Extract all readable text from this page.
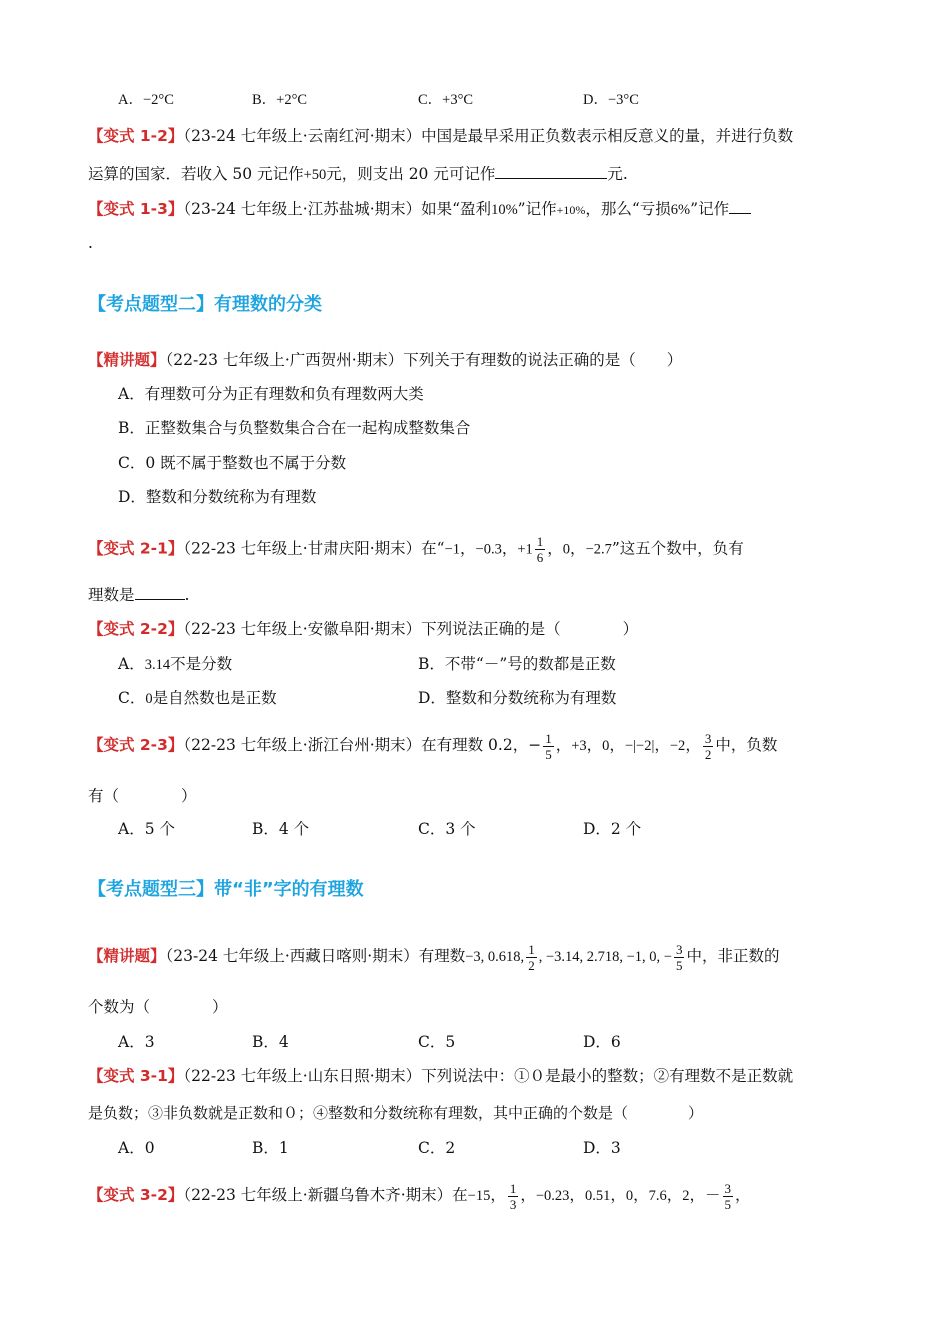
A．−2°C	B．+2°C	C．+3°C	D．−3°C
【变式 1-2】（23-24 七年级上·云南红河·期末）中国是最早采用正负数表示相反意义的量，并进行负数
运算的国家．若收入 50 元记作+50元，则支出 20 元可记作	元.
【变式 1-3】（23-24 七年级上·江苏盐城·期末）如果“盈利10%”记作+10%，那么“亏损6%”记作
.
【考点题型二】有理数的分类
【精讲题】（22-23 七年级上·广西贺州·期末）下列关于有理数的说法正确的是（　　）
A．有理数可分为正有理数和负有理数两大类
B．正整数集合与负整数集合合在一起构成整数集合
C．0 既不属于整数也不属于分数
D．整数和分数统称为有理数
【变式 2-1】（22-23 七年级上·甘肃庆阳·期末）在“−1，−0.3，$+1 \frac{1}{6}$ ，0，−2.7”这五个数中，负有
理数是	.
【变式 2-2】（22-23 七年级上·安徽阜阳·期末）下列说法正确的是（　　　　）
A．3.14不是分数	B．不带“－”号的数都是正数
C．0是自然数也是正数	D．整数和分数统称为有理数
【变式 2-3】（22-23 七年级上·浙江台州·期末）在有理数 0.2，− $\frac{1}{5}$ ，+3，0，−|−2|，−2， $\frac{3}{2}$ 中，负数
有（　　　　）
A．5 个	B．4 个	C．3 个	D．2 个
【考点题型三】带“非”字的有理数
【精讲题】（23-24 七年级上·西藏日喀则·期末）有理数−3, 0.618, $\frac{1}{2}$ , −3.14, 2.718, −1, 0, − $\frac{3}{5}$ 中，非正数的
个数为（　　　　）
A．3	B．4	C．5	D．6
【变式 3-1】（22-23 七年级上·山东日照·期末）下列说法中：①０是最小的整数；②有理数不是正数就
是负数；③非负数就是正数和０；④整数和分数统称有理数，其中正确的个数是（　　　　）
A．0	B．1	C．2	D．3
【变式 3-2】（22-23 七年级上·新疆乌鲁木齐·期末）在−15， $\frac{1}{3}$ ，−0.23，0.51，0，7.6，2，－ $\frac{3}{5}$ ，
